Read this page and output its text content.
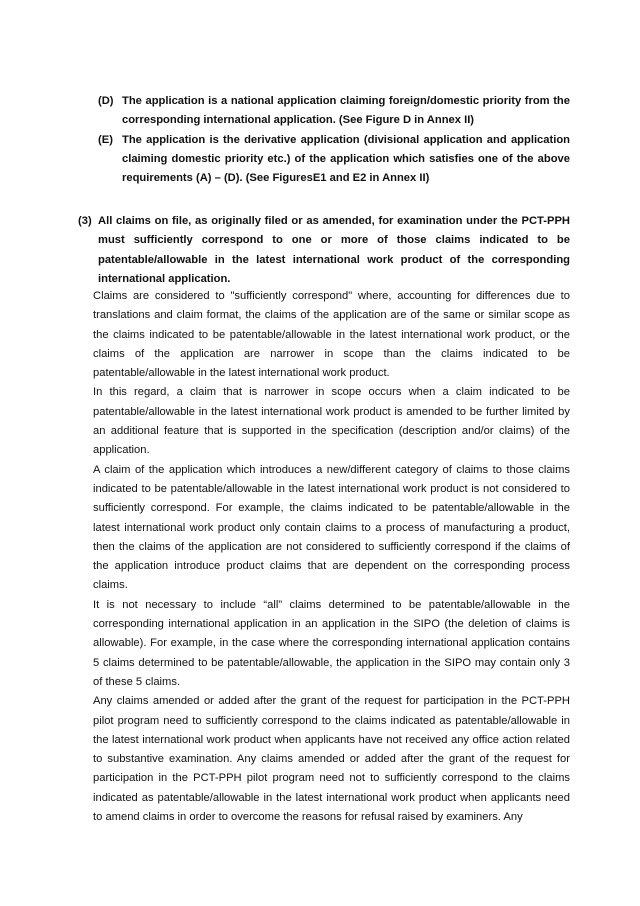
(D) The application is a national application claiming foreign/domestic priority from the corresponding international application. (See Figure D in Annex II)
(E) The application is the derivative application (divisional application and application claiming domestic priority etc.) of the application which satisfies one of the above requirements (A) – (D). (See FiguresE1 and E2 in Annex II)
(3) All claims on file, as originally filed or as amended, for examination under the PCT-PPH must sufficiently correspond to one or more of those claims indicated to be patentable/allowable in the latest international work product of the corresponding international application.

Claims are considered to "sufficiently correspond" where, accounting for differences due to translations and claim format, the claims of the application are of the same or similar scope as the claims indicated to be patentable/allowable in the latest international work product, or the claims of the application are narrower in scope than the claims indicated to be patentable/allowable in the latest international work product.

In this regard, a claim that is narrower in scope occurs when a claim indicated to be patentable/allowable in the latest international work product is amended to be further limited by an additional feature that is supported in the specification (description and/or claims) of the application.

A claim of the application which introduces a new/different category of claims to those claims indicated to be patentable/allowable in the latest international work product is not considered to sufficiently correspond. For example, the claims indicated to be patentable/allowable in the latest international work product only contain claims to a process of manufacturing a product, then the claims of the application are not considered to sufficiently correspond if the claims of the application introduce product claims that are dependent on the corresponding process claims.

It is not necessary to include “all” claims determined to be patentable/allowable in the corresponding international application in an application in the SIPO (the deletion of claims is allowable). For example, in the case where the corresponding international application contains 5 claims determined to be patentable/allowable, the application in the SIPO may contain only 3 of these 5 claims.

Any claims amended or added after the grant of the request for participation in the PCT-PPH pilot program need to sufficiently correspond to the claims indicated as patentable/allowable in the latest international work product when applicants have not received any office action related to substantive examination. Any claims amended or added after the grant of the request for participation in the PCT-PPH pilot program need not to sufficiently correspond to the claims indicated as patentable/allowable in the latest international work product when applicants need to amend claims in order to overcome the reasons for refusal raised by examiners. Any
